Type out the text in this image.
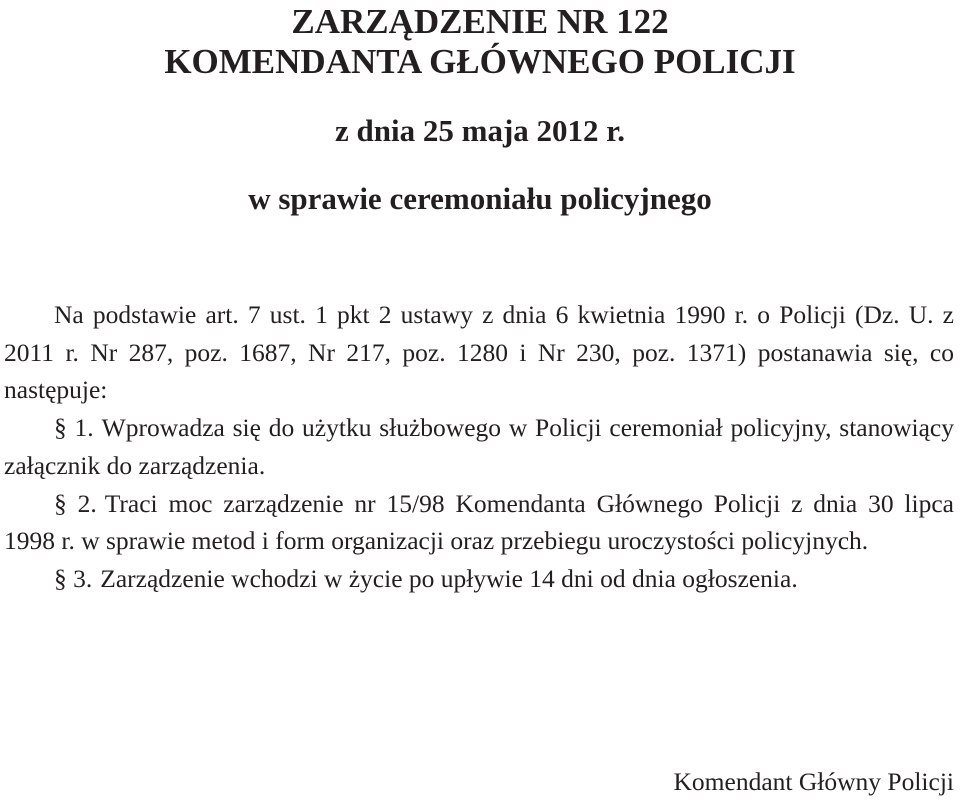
ZARZĄDZENIE NR 122
KOMENDANTA GŁÓWNEGO POLICJI
z dnia 25 maja 2012 r.
w sprawie ceremoniału policyjnego

Na podstawie art. 7 ust. 1 pkt 2 ustawy z dnia 6 kwietnia 1990 r. o Policji (Dz. U. z 2011 r. Nr 287, poz. 1687, Nr 217, poz. 1280 i Nr 230, poz. 1371) postanawia się, co następuje:

§ 1. Wprowadza się do użytku służbowego w Policji ceremoniał policyjny, stanowiący załącznik do zarządzenia.

§ 2. Traci moc zarządzenie nr 15/98 Komendanta Głównego Policji z dnia 30 lipca 1998 r. w sprawie metod i form organizacji oraz przebiegu uroczystości policyjnych.

§ 3. Zarządzenie wchodzi w życie po upływie 14 dni od dnia ogłoszenia.

Komendant Główny Policji
